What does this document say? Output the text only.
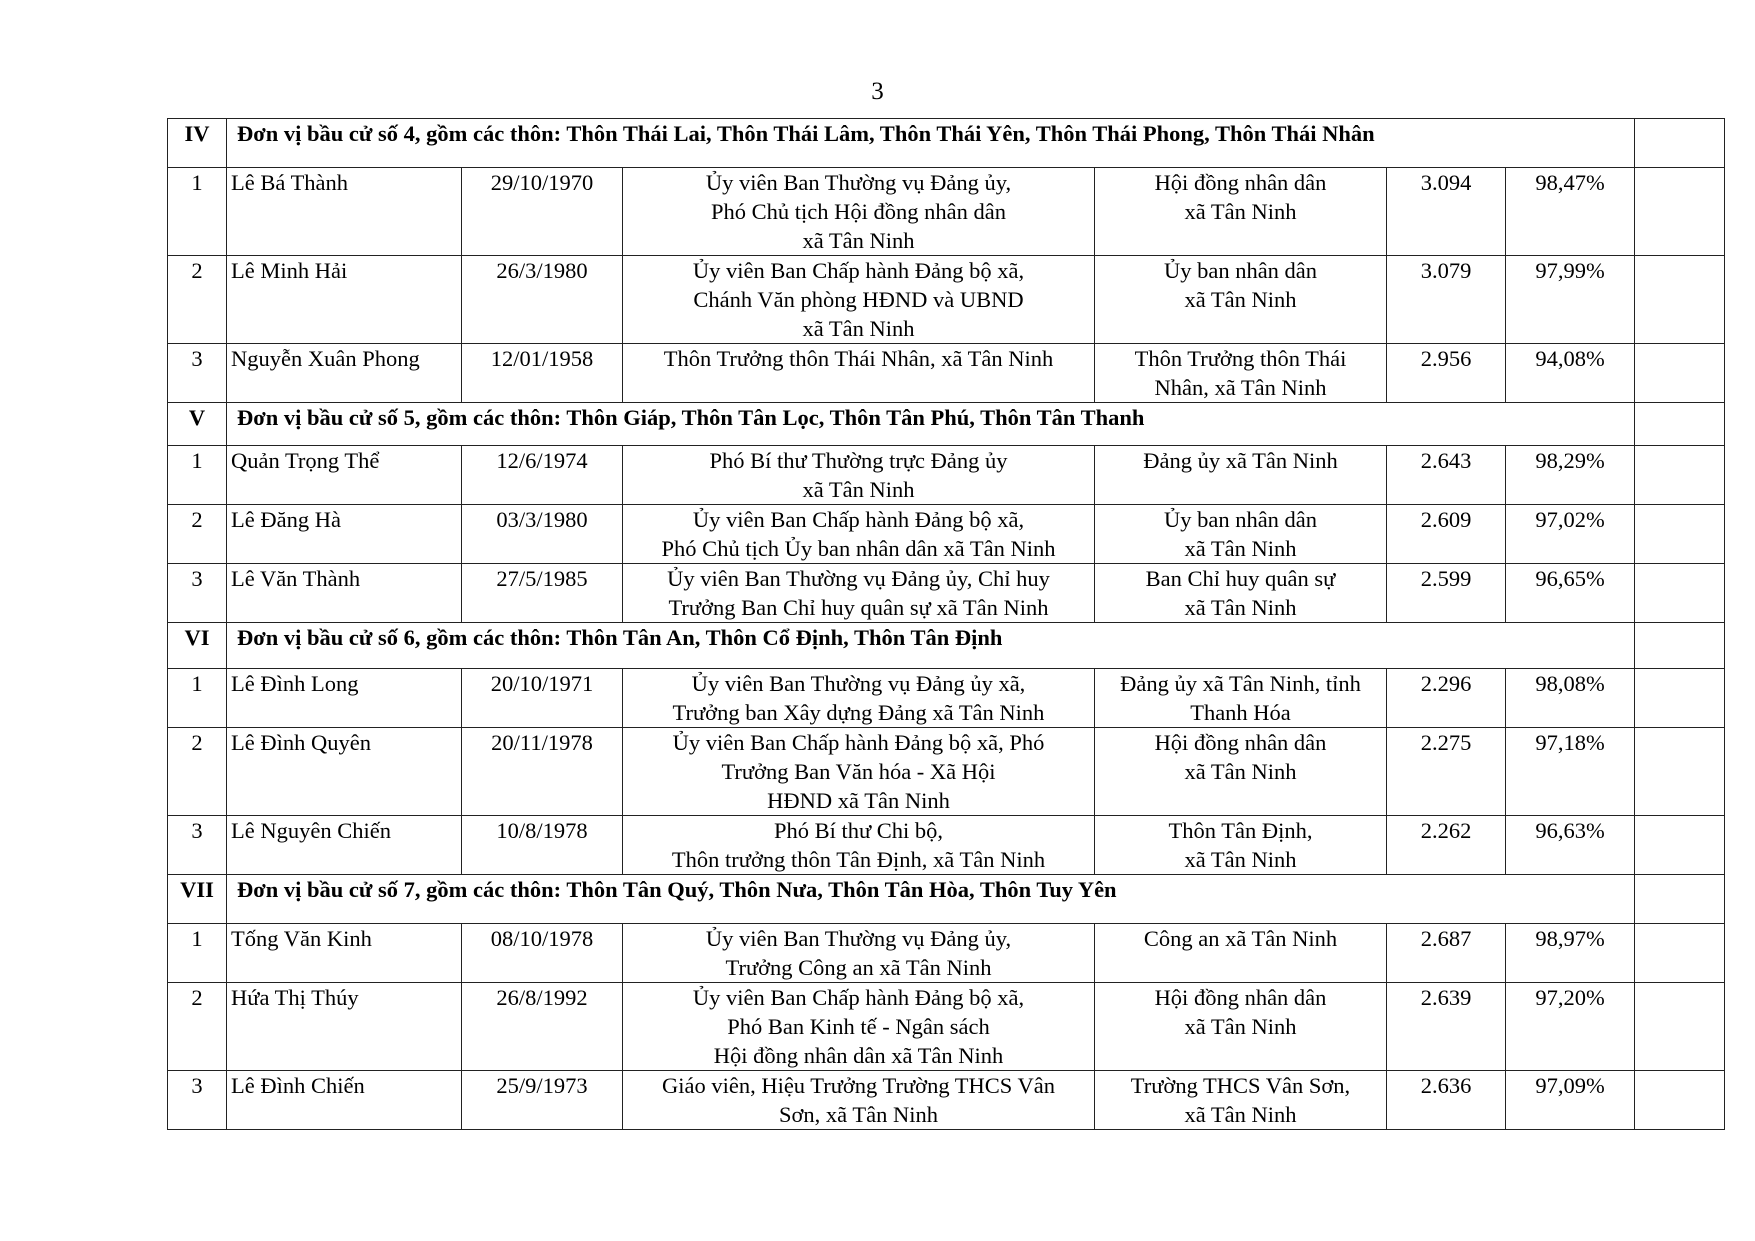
3
IV	Đơn vị bầu cử số 4, gồm các thôn: Thôn Thái Lai, Thôn Thái Lâm, Thôn Thái Yên, Thôn Thái Phong, Thôn Thái Nhân						
1	Lê Bá Thành	29/10/1970	Ủy viên Ban Thường vụ Đảng ủy,
Phó Chủ tịch Hội đồng nhân dân
xã Tân Ninh	Hội đồng nhân dân
xã Tân Ninh	3.094	98,47%	
2	Lê Minh Hải	26/3/1980	Ủy viên Ban Chấp hành Đảng bộ xã,
Chánh Văn phòng HĐND và UBND
xã Tân Ninh	Ủy ban nhân dân
xã Tân Ninh	3.079	97,99%	
3	Nguyễn Xuân Phong	12/01/1958	Thôn Trưởng thôn Thái Nhân, xã Tân Ninh	Thôn Trưởng thôn Thái
Nhân, xã Tân Ninh	2.956	94,08%	
V	Đơn vị bầu cử số 5, gồm các thôn: Thôn Giáp, Thôn Tân Lọc, Thôn Tân Phú, Thôn Tân Thanh						
1	Quản Trọng Thể	12/6/1974	Phó Bí thư Thường trực Đảng ủy
xã Tân Ninh	Đảng ủy xã Tân Ninh	2.643	98,29%	
2	Lê Đăng Hà	03/3/1980	Ủy viên Ban Chấp hành Đảng bộ xã,
Phó Chủ tịch Ủy ban nhân dân xã Tân Ninh	Ủy ban nhân dân
xã Tân Ninh	2.609	97,02%	
3	Lê Văn Thành	27/5/1985	Ủy viên Ban Thường vụ Đảng ủy, Chỉ huy
Trưởng Ban Chỉ huy quân sự xã Tân Ninh	Ban Chỉ huy quân sự
xã Tân Ninh	2.599	96,65%	
VI	Đơn vị bầu cử số 6, gồm các thôn: Thôn Tân An, Thôn Cổ Định, Thôn Tân Định						
1	Lê Đình Long	20/10/1971	Ủy viên Ban Thường vụ Đảng ủy xã,
Trưởng ban Xây dựng Đảng xã Tân Ninh	Đảng ủy xã Tân Ninh, tỉnh
Thanh Hóa	2.296	98,08%	
2	Lê Đình Quyên	20/11/1978	Ủy viên Ban Chấp hành Đảng bộ xã, Phó
Trưởng Ban Văn hóa - Xã Hội
HĐND xã Tân Ninh	Hội đồng nhân dân
xã Tân Ninh	2.275	97,18%	
3	Lê Nguyên Chiến	10/8/1978	Phó Bí thư Chi bộ,
Thôn trưởng thôn Tân Định, xã Tân Ninh	Thôn Tân Định,
xã Tân Ninh	2.262	96,63%	
VII	Đơn vị bầu cử số 7, gồm các thôn: Thôn Tân Quý, Thôn Nưa, Thôn Tân Hòa, Thôn Tuy Yên						
1	Tống Văn Kinh	08/10/1978	Ủy viên Ban Thường vụ Đảng ủy,
Trưởng Công an xã Tân Ninh	Công an xã Tân Ninh	2.687	98,97%	
2	Hứa Thị Thúy	26/8/1992	Ủy viên Ban Chấp hành Đảng bộ xã,
Phó Ban Kinh tế - Ngân sách
Hội đồng nhân dân xã Tân Ninh	Hội đồng nhân dân
xã Tân Ninh	2.639	97,20%	
3	Lê Đình Chiến	25/9/1973	Giáo viên, Hiệu Trưởng Trường THCS Vân
Sơn, xã Tân Ninh	Trường THCS Vân Sơn,
xã Tân Ninh	2.636	97,09%	
